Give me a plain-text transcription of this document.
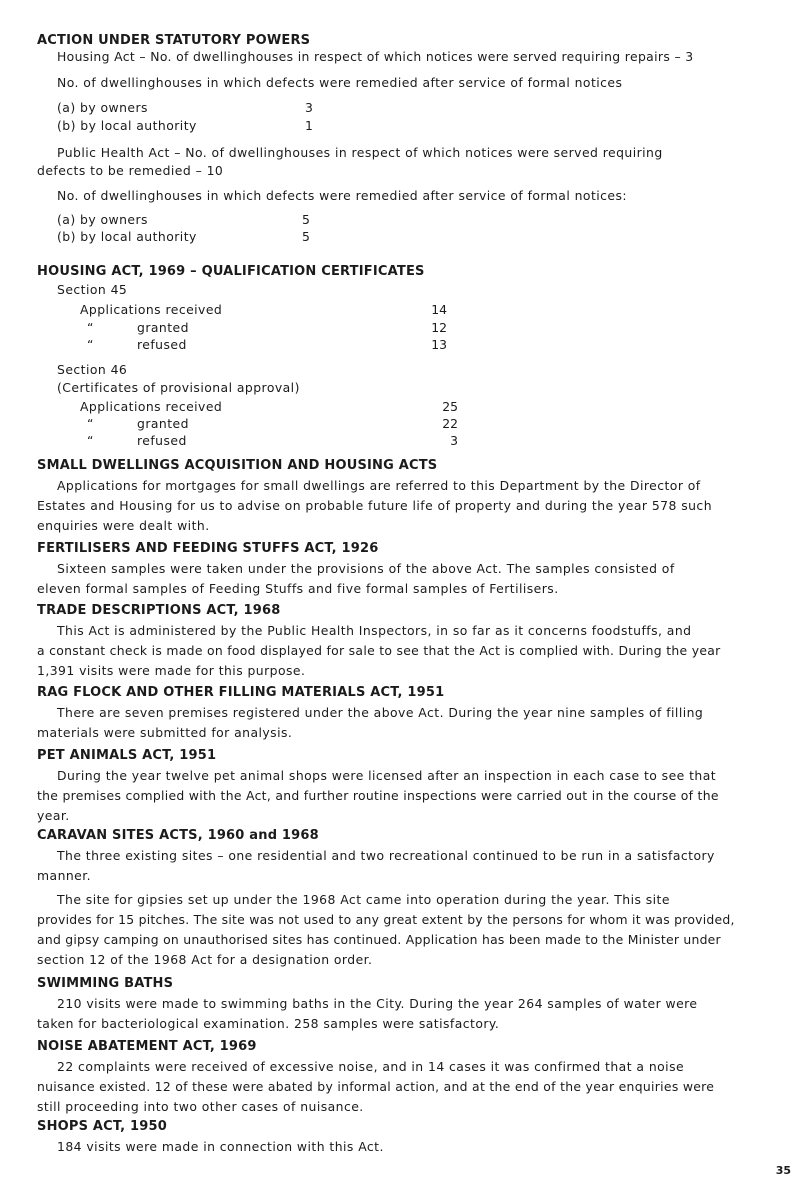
ACTION UNDER STATUTORY POWERS
Housing Act – No. of dwellinghouses in respect of which notices were served requiring repairs – 3
No. of dwellinghouses in which defects were remedied after service of formal notices
(a) by owners	3
(b) by local authority	1
Public Health Act – No. of dwellinghouses in respect of which notices were served requiring
defects to be remedied – 10
No. of dwellinghouses in which defects were remedied after service of formal notices:
(a) by owners	5
(b) by local authority	5
HOUSING ACT, 1969 – QUALIFICATION CERTIFICATES
Section 45
Applications received	14
“	granted	12
“	refused	13
Section 46
(Certificates of provisional approval)
Applications received	25
“	granted	22
“	refused	3
SMALL DWELLINGS ACQUISITION AND HOUSING ACTS

Applications for mortgages for small dwellings are referred to this Department by the Director of

Estates and Housing for us to advise on probable future life of property and during the year 578 such

enquiries were dealt with.

FERTILISERS AND FEEDING STUFFS ACT, 1926

Sixteen samples were taken under the provisions of the above Act. The samples consisted of

eleven formal samples of Feeding Stuffs and five formal samples of Fertilisers.

TRADE DESCRIPTIONS ACT, 1968

This Act is administered by the Public Health Inspectors, in so far as it concerns foodstuffs, and

a constant check is made on food displayed for sale to see that the Act is complied with. During the year

1,391 visits were made for this purpose.

RAG FLOCK AND OTHER FILLING MATERIALS ACT, 1951

There are seven premises registered under the above Act. During the year nine samples of filling

materials were submitted for analysis.

PET ANIMALS ACT, 1951

During the year twelve pet animal shops were licensed after an inspection in each case to see that

the premises complied with the Act, and further routine inspections were carried out in the course of the

year.

CARAVAN SITES ACTS, 1960 and 1968

The three existing sites – one residential and two recreational continued to be run in a satisfactory

manner.

The site for gipsies set up under the 1968 Act came into operation during the year. This site

provides for 15 pitches. The site was not used to any great extent by the persons for whom it was provided,

and gipsy camping on unauthorised sites has continued. Application has been made to the Minister under

section 12 of the 1968 Act for a designation order.

SWIMMING BATHS

210 visits were made to swimming baths in the City. During the year 264 samples of water were

taken for bacteriological examination. 258 samples were satisfactory.

NOISE ABATEMENT ACT, 1969

22 complaints were received of excessive noise, and in 14 cases it was confirmed that a noise

nuisance existed. 12 of these were abated by informal action, and at the end of the year enquiries were

still proceeding into two other cases of nuisance.

SHOPS ACT, 1950

184 visits were made in connection with this Act.

35
